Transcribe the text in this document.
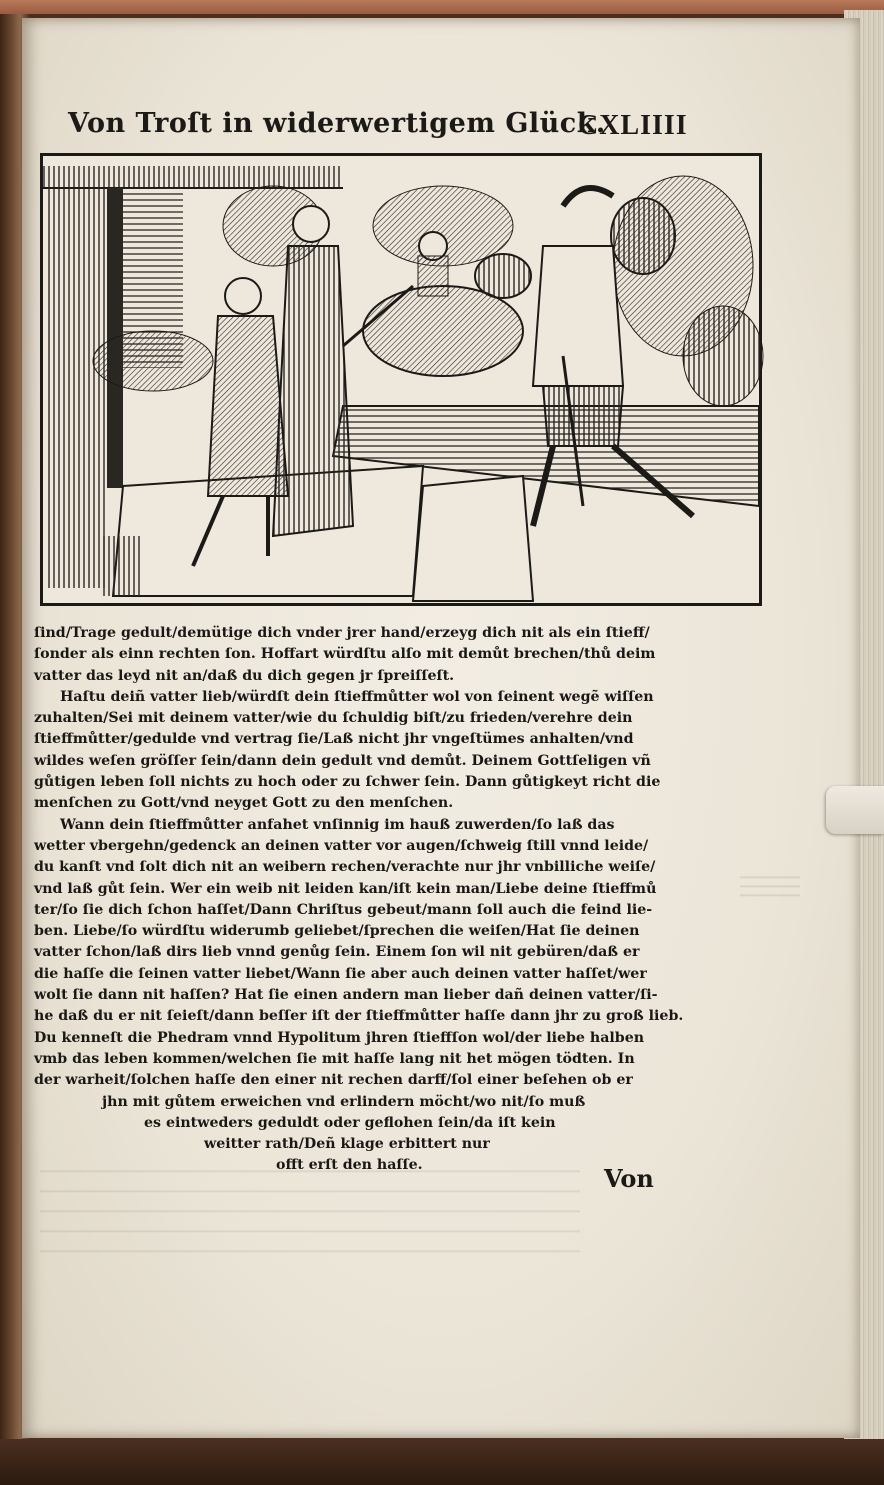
Von Troſt in widerwertigem Glück.
CXLIIII
ſind/Trage gedult/demütige dich vnder jrer hand/erzeyg dich nit als ein ſtieff/
ſonder als einn rechten ſon. Hoffart würdſtu alſo mit demůt brechen/thů deim
vatter das leyd nit an/daß du dich gegen jr ſpreiſſeſt.
Haſtu deiñ vatter lieb/würdſt dein ſtieffmůtter wol von ſeinent wegẽ wiſſen
zuhalten/Sei mit deinem vatter/wie du ſchuldig biſt/zu frieden/verehre dein
ſtieffmůtter/gedulde vnd vertrag ſie/Laß nicht jhr vngeſtümes anhalten/vnd
wildes weſen gröſſer ſein/dann dein gedult vnd demůt. Deinem Gottſeligen vñ
gůtigen leben ſoll nichts zu hoch oder zu ſchwer ſein. Dann gůtigkeyt richt die
menſchen zu Gott/vnd neyget Gott zu den menſchen.
Wann dein ſtieffmůtter anfahet vnſinnig im hauß zuwerden/ſo laß das
wetter vbergehn/gedenck an deinen vatter vor augen/ſchweig ſtill vnnd leide/
du kanſt vnd ſolt dich nit an weibern rechen/verachte nur jhr vnbilliche weiſe/
vnd laß gůt ſein. Wer ein weib nit leiden kan/iſt kein man/Liebe deine ſtieffmů
ter/ſo ſie dich ſchon haſſet/Dann Chriſtus gebeut/mann ſoll auch die feind lie-
ben. Liebe/ſo würdſtu widerumb geliebet/ſprechen die weiſen/Hat ſie deinen
vatter ſchon/laß dirs lieb vnnd genůg ſein. Einem ſon wil nit gebüren/daß er
die haſſe die ſeinen vatter liebet/Wann ſie aber auch deinen vatter haſſet/wer
wolt ſie dann nit haſſen? Hat ſie einen andern man lieber dañ deinen vatter/ſi-
he daß du er nit ſeieſt/dann beſſer iſt der ſtieffmůtter haſſe dann jhr zu groß lieb.
Du kenneſt die Phedram vnnd Hypolitum jhren ſtieffſon wol/der liebe halben
vmb das leben kommen/welchen ſie mit haſſe lang nit het mögen tödten. In
der warheit/ſolchen haſſe den einer nit rechen darff/ſol einer beſehen ob er
jhn mit gůtem erweichen vnd erlindern möcht/wo nit/ſo muß
es eintweders geduldt oder geflohen ſein/da iſt kein
weitter rath/Deñ klage erbittert nur
offt erſt den haſſe.	Von
